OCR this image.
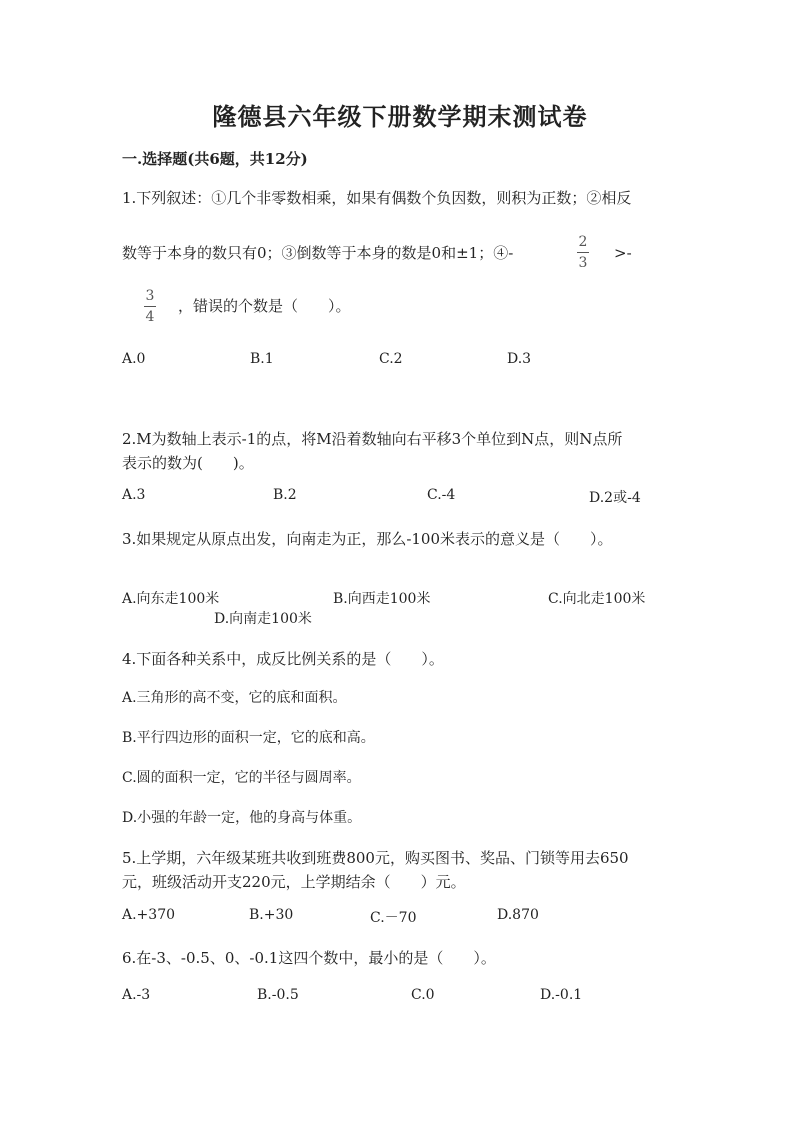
隆德县六年级下册数学期末测试卷
一.选择题(共6题，共12分)
1.下列叙述：①几个非零数相乘，如果有偶数个负因数，则积为正数；②相反
数等于本身的数只有0；③倒数等于本身的数是0和±1；④-
2
3
>-
3
4
，错误的个数是（　　）。
A.0	B.1	C.2	D.3
2.M为数轴上表示-1的点，将M沿着数轴向右平移3个单位到N点，则N点所
表示的数为(　　)。
A.3	B.2	C.-4	D.2或-4
3.如果规定从原点出发，向南走为正，那么-100米表示的意义是（　　）。
A.向东走100米	B.向西走100米	C.向北走100米
D.向南走100米
4.下面各种关系中，成反比例关系的是（　　）。
A.三角形的高不变，它的底和面积。
B.平行四边形的面积一定，它的底和高。
C.圆的面积一定，它的半径与圆周率。
D.小强的年龄一定，他的身高与体重。
5.上学期，六年级某班共收到班费800元，购买图书、奖品、门锁等用去650
元，班级活动开支220元，上学期结余（　　）元。
A.+370	B.+30	C.－70	D.870
6.在-3、-0.5、0、-0.1这四个数中，最小的是（　　）。
A.-3	B.-0.5	C.0	D.-0.1
